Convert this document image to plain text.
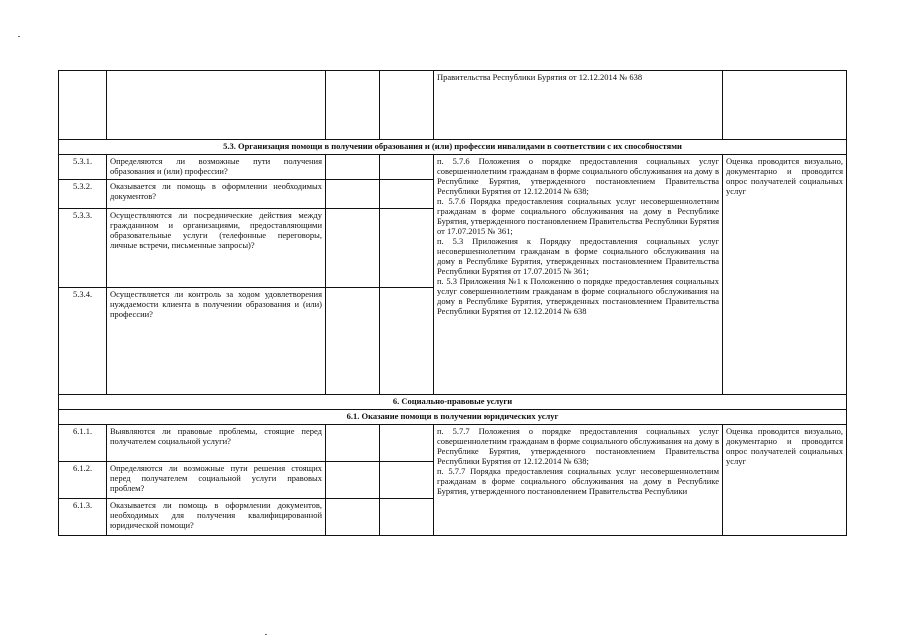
				Правительства Республики Бурятия от 12.12.2014 № 638	
5.3. Организация помощи в получении образования и (или) профессии инвалидами в соответствии с их способностями					
5.3.1.	Определяются ли возможные пути получения образования и (или) профессии?			п. 5.7.6 Положения о порядке предоставления социальных услуг совершеннолетним гражданам в форме социального обслуживания на дому в Республике Бурятия, утвержденного постановлением Правительства Республики Бурятия от 12.12.2014 № 638;
п. 5.7.6 Порядка предоставления социальных услуг несовершеннолетним гражданам в форме социального обслуживания на дому в Республике Бурятия, утвержденного постановлением Правительства Республики Бурятия от 17.07.2015 № 361;
п. 5.3 Приложения к Порядку предоставления социальных услуг несовершеннолетним гражданам в форме социального обслуживания на дому в Республике Бурятия, утвержденных постановлением Правительства Республики Бурятия от 17.07.2015 № 361;
п. 5.3 Приложения №1 к Положению о порядке предоставления социальных услуг совершеннолетним гражданам в форме социального обслуживания на дому в Республике Бурятия, утвержденных постановлением Правительства Республики Бурятия от 12.12.2014 № 638	Оценка проводится визуально, документарно и проводится опрос получателей социальных услуг
5.3.2.	Оказывается ли помощь в оформлении необходимых документов?				
5.3.3.	Осуществляются ли посреднические действия между гражданином и организациями, предоставляющими образовательные услуги (телефонные переговоры, личные встречи, письменные запросы)?				
5.3.4.	Осуществляется ли контроль за ходом удовлетворения нуждаемости клиента в получении образования и (или) профессии?				
6. Социально-правовые услуги					
6.1. Оказание помощи в получении юридических услуг					
6.1.1.	Выявляются ли правовые проблемы, стоящие перед получателем социальной услуги?			п. 5.7.7 Положения о порядке предоставления социальных услуг совершеннолетним гражданам в форме социального обслуживания на дому в Республике Бурятия, утвержденного постановлением Правительства Республики Бурятия от 12.12.2014 № 638;
п. 5.7.7 Порядка предоставления социальных услуг несовершеннолетним гражданам в форме социального обслуживания на дому в Республике Бурятия, утвержденного постановлением Правительства Республики	Оценка проводится визуально, документарно и проводится опрос получателей социальных услуг
6.1.2.	Определяются ли возможные пути решения стоящих перед получателем социальной услуги правовых проблем?				
6.1.3.	Оказывается ли помощь в оформлении документов, необходимых для получения квалифицированной юридической помощи?				
